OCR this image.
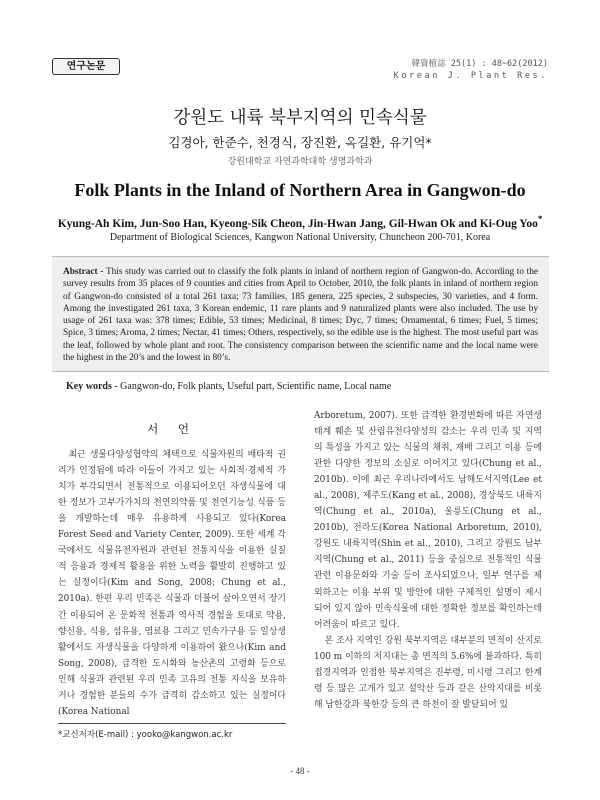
연구논문	韓資植誌 25(1) : 48~62(2012)
Korean J. Plant Res.
강원도 내륙 북부지역의 민속식물
김경아, 한준수, 천경식, 장진환, 옥길환, 유기억*
강원대학교 자연과학대학 생명과학과
Folk Plants in the Inland of Northern Area in Gangwon-do
Kyung-Ah Kim, Jun-Soo Han, Kyeong-Sik Cheon, Jin-Hwan Jang, Gil-Hwan Ok and Ki-Oug Yoo*
Department of Biological Sciences, Kangwon National University, Chuncheon 200-701, Korea
Abstract - This study was carried out to classify the folk plants in inland of northern region of Gangwon-do. According to the survey results from 35 places of 9 counties and cities from April to October, 2010, the folk plants in inland of northern region of Gangwon-do consisted of a total 261 taxa; 73 families, 185 genera, 225 species, 2 subspecies, 30 varieties, and 4 form. Among the investigated 261 taxa, 3 Korean endemic, 11 rare plants and 9 naturalized plants were also included. The use by usage of 261 taxa was: 378 times; Edible, 53 times; Medicinal, 8 times; Dyc, 7 times; Ornamental, 6 times; Fuel, 5 times; Spice, 3 times; Aroma, 2 times; Nectar, 41 times; Others, respectively, so the edible use is the highest. The most useful part was the leaf, followed by whole plant and root. The consistency comparison between the scientific name and the local name were the highest in the 20’s and the lowest in 80’s.
Key words - Gangwon-do, Folk plants, Useful part, Scientific name, Local name
서 언

최근 생물다양성협약의 체택으로 식물자원의 배타적 권리가 인정됨에 따라 이들이 가지고 있는 사회적·경제적 가치가 부각되면서 전통적으로 이용되어오던 자생식물에 대한 정보가 고부가가치의 천연의약품 및 천연기능성 식품 등을 개발하는데 매우 유용하게 사용되고 있다(Korea Forest Seed and Variety Center, 2009). 또한 세계 각국에서도 식물유전자원과 관련된 전통지식을 이용한 실질적 응용과 경제적 활용을 위한 노력을 활발히 진행하고 있는 실정이다(Kim and Song, 2008; Chung et al., 2010a). 한편 우리 민족은 식물과 더불어 살아오면서 장기간 이용되어 온 문화적 전통과 역사적 경험을 토대로 약용, 향신용, 식용, 섬유용, 염료용 그리고 민속가구용 등 일상생활에서도 자생식물을 다양하게 이용하여 왔으나(Kim and Song, 2008), 급격한 도시화와 농산촌의 고령화 등으로 인해 식물과 관련된 우리 민족 고유의 전통 지식을 보유하거나 경험한 분들의 수가 급격히 감소하고 있는 실정이다(Korea National

Arboretum, 2007). 또한 급격한 환경변화에 따른 자연생태계 훼손 및 산림유전다양성의 감소는 우리 민족 및 지역의 특성을 가지고 있는 식물의 채취, 재배 그리고 이용 등에 관한 다양한 정보의 소실로 이어지고 있다(Chung et al., 2010b). 이에 최근 우리나라에서도 남해도서지역(Lee et al., 2008), 제주도(Kang et al., 2008), 경상북도 내륙지역(Chung et al., 2010a), 울릉도(Chung et al., 2010b), 전라도(Korea National Arboretum, 2010), 강원도 내륙지역(Shin et al., 2010), 그리고 강원도 남부지역(Chung et al., 2011) 등을 중심으로 전통적인 식물관련 이용문화와 기술 등이 조사되었으나, 일부 연구를 제외하고는 이용 부위 및 방안에 대한 구체적인 설명이 제시되어 있지 않아 민속식물에 대한 정확한 정보를 확인하는데 어려움이 따르고 있다.

본 조사 지역인 강원 북부지역은 대부분의 면적이 산지로 100 m 이하의 저지대는 총 면적의 5.6%에 불과하다. 특히 접경지역과 인접한 북부지역은 진부령, 미시령 그리고 한계령 등 많은 고개가 있고 설악산 등과 같은 산악지대를 비롯해 남한강과 북한강 등의 큰 하천이 잘 발달되어 있

*교신저자(E-mail) : yooko@kangwon.ac.kr
- 48 -
